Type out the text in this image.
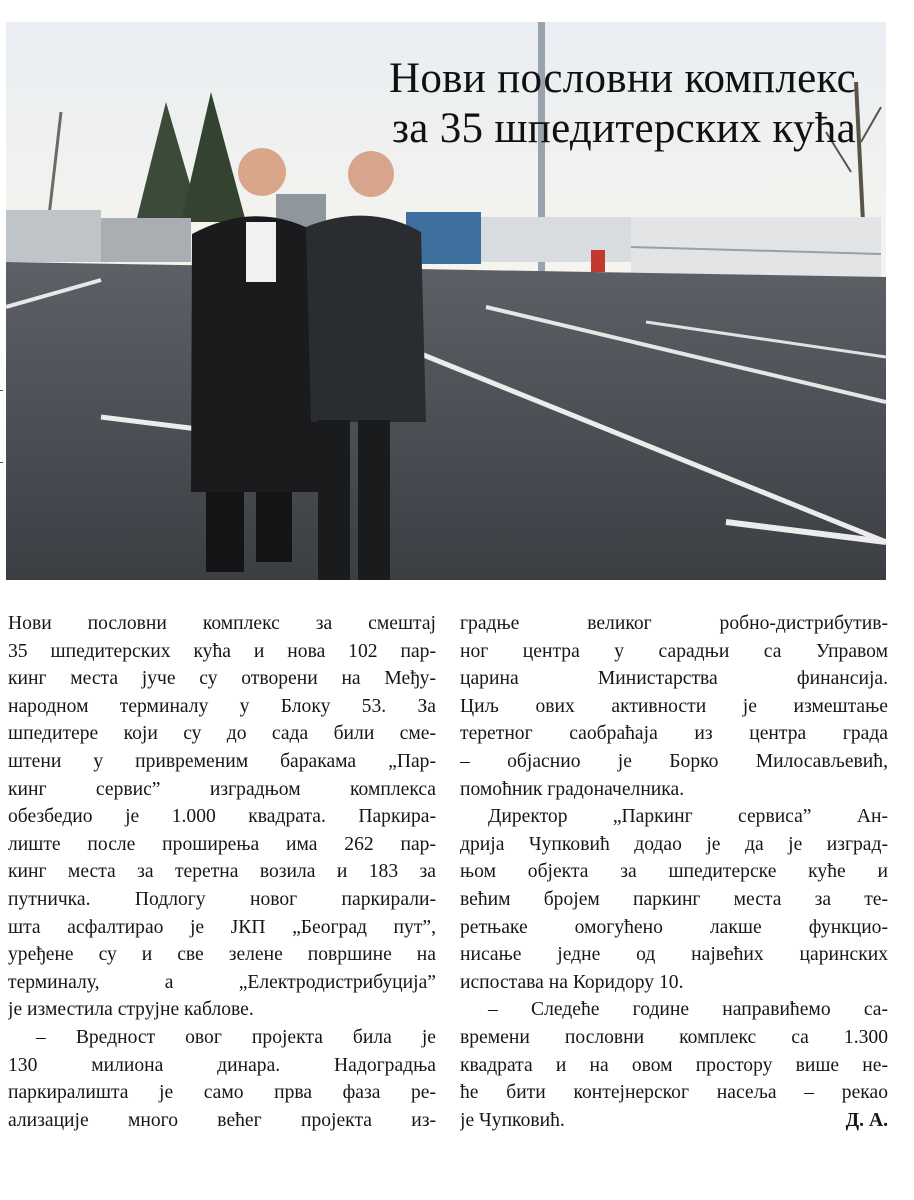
Нови пословни комплекс
за 35 шпедитерских кућа
Нови пословни комплекс за смештај
35 шпедитерских кућа и нова 102 пар-
кинг места јуче су отворени на Међу-
народном терминалу у Блоку 53. За
шпедитере који су до сада били сме-
штени у привременим баракама „Пар-
кинг сервис” изградњом комплекса
обезбедио је 1.000 квадрата. Паркира-
лиште после проширења има 262 пар-
кинг места за теретна возила и 183 за
путничка. Подлогу новог паркирали-
шта асфалтирао је ЈКП „Београд пут”,
уређене су и све зелене површине на
терминалу, а „Електродистрибуција”
је изместила струјне каблове.
– Вредност овог пројекта била је
130 милиона динара. Надоградња
паркиралишта је само прва фаза ре-
ализације много већег пројекта из-
градње великог робно-дистрибутив-
ног центра у сарадњи са Управом
царина Министарства финансија.
Циљ ових активности је измештање
теретног саобраћаја из центра града
– објаснио је Борко Милосављевић,
помоћник градоначелника.
Директор „Паркинг сервиса” Ан-
дрија Чупковић додао је да је изград-
њом објекта за шпедитерске куће и
већим бројем паркинг места за те-
ретњаке омогућено лакше функцио-
нисање једне од највећих царинских
испостава на Коридору 10.
– Следеће године направићемо са-
времени пословни комплекс са 1.300
квадрата и на овом простору више не-
ће бити контејнерског насеља – рекао
је Чупковић.	Д. А.
